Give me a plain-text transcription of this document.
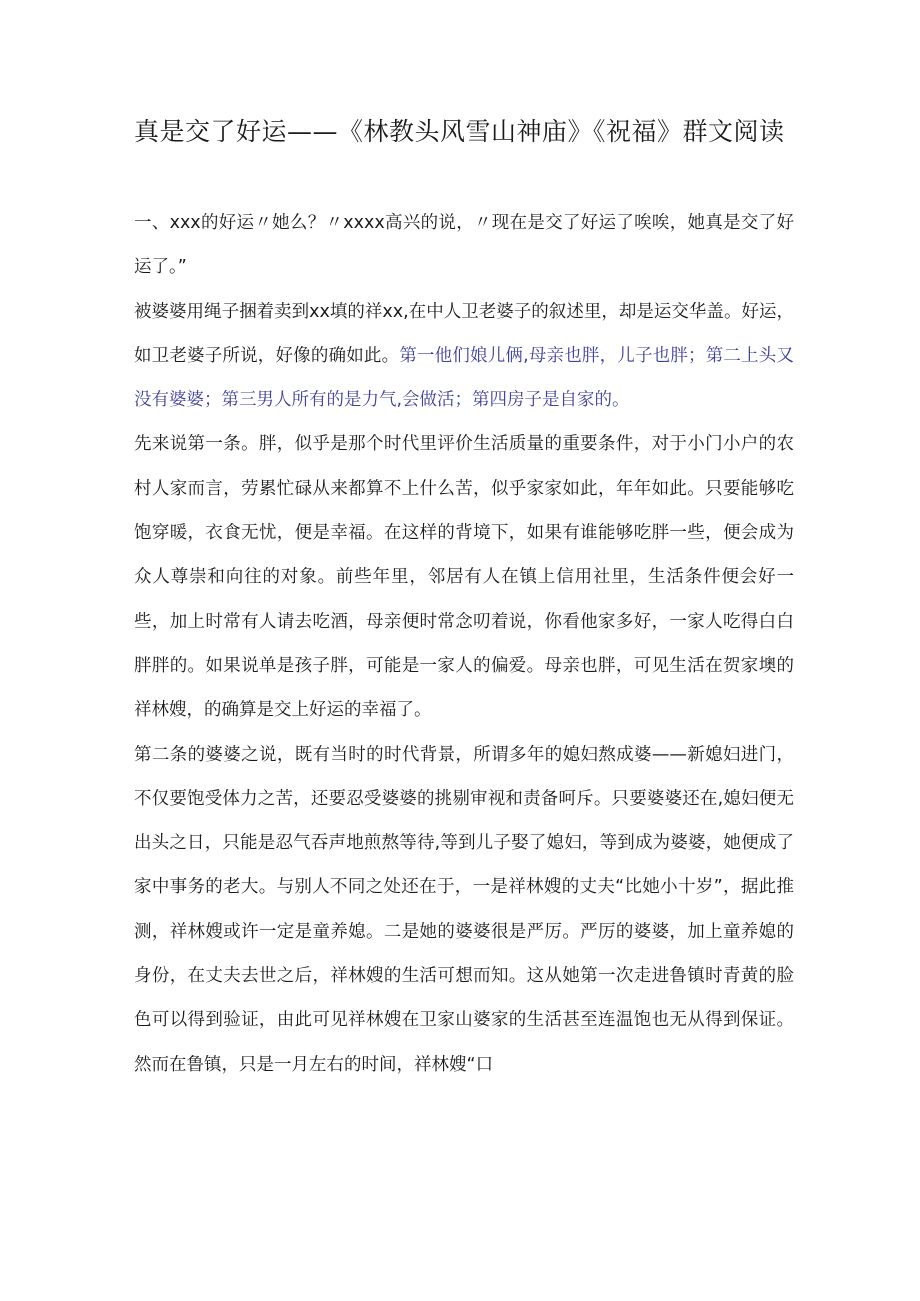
真是交了好运——《林教头风雪山神庙》《祝福》群文阅读

一、xxx的好运〃她么？〃xxxx高兴的说，〃现在是交了好运了唉唉，她真是交了好运了。”

被婆婆用绳子捆着卖到xx填的祥xx,在中人卫老婆子的叙述里，却是运交华盖。好运，如卫老婆子所说，好像的确如此。第一他们娘儿俩,母亲也胖，儿子也胖；第二上头又没有婆婆；第三男人所有的是力气,会做活；第四房子是自家的。

先来说第一条。胖，似乎是那个时代里评价生活质量的重要条件，对于小门小户的农村人家而言，劳累忙碌从来都算不上什么苦，似乎家家如此，年年如此。只要能够吃饱穿暖，衣食无忧，便是幸福。在这样的背境下，如果有谁能够吃胖一些，便会成为众人尊崇和向往的对象。前些年里，邻居有人在镇上信用社里，生活条件便会好一些，加上时常有人请去吃酒，母亲便时常念叨着说，你看他家多好，一家人吃得白白胖胖的。如果说单是孩子胖，可能是一家人的偏爱。母亲也胖，可见生活在贺家墺的祥林嫂，的确算是交上好运的幸福了。

第二条的婆婆之说，既有当时的时代背景，所谓多年的媳妇熬成婆——新媳妇进门，不仅要饱受体力之苦，还要忍受婆婆的挑剔审视和责备呵斥。只要婆婆还在,媳妇便无出头之日，只能是忍气吞声地煎熬等待,等到儿子娶了媳妇，等到成为婆婆，她便成了家中事务的老大。与别人不同之处还在于，一是祥林嫂的丈夫“比她小十岁”，据此推测，祥林嫂或许一定是童养媳。二是她的婆婆很是严厉。严厉的婆婆，加上童养媳的身份，在丈夫去世之后，祥林嫂的生活可想而知。这从她第一次走进鲁镇时青黄的脸色可以得到验证，由此可见祥林嫂在卫家山婆家的生活甚至连温饱也无从得到保证。然而在鲁镇，只是一月左右的时间，祥林嫂“口
